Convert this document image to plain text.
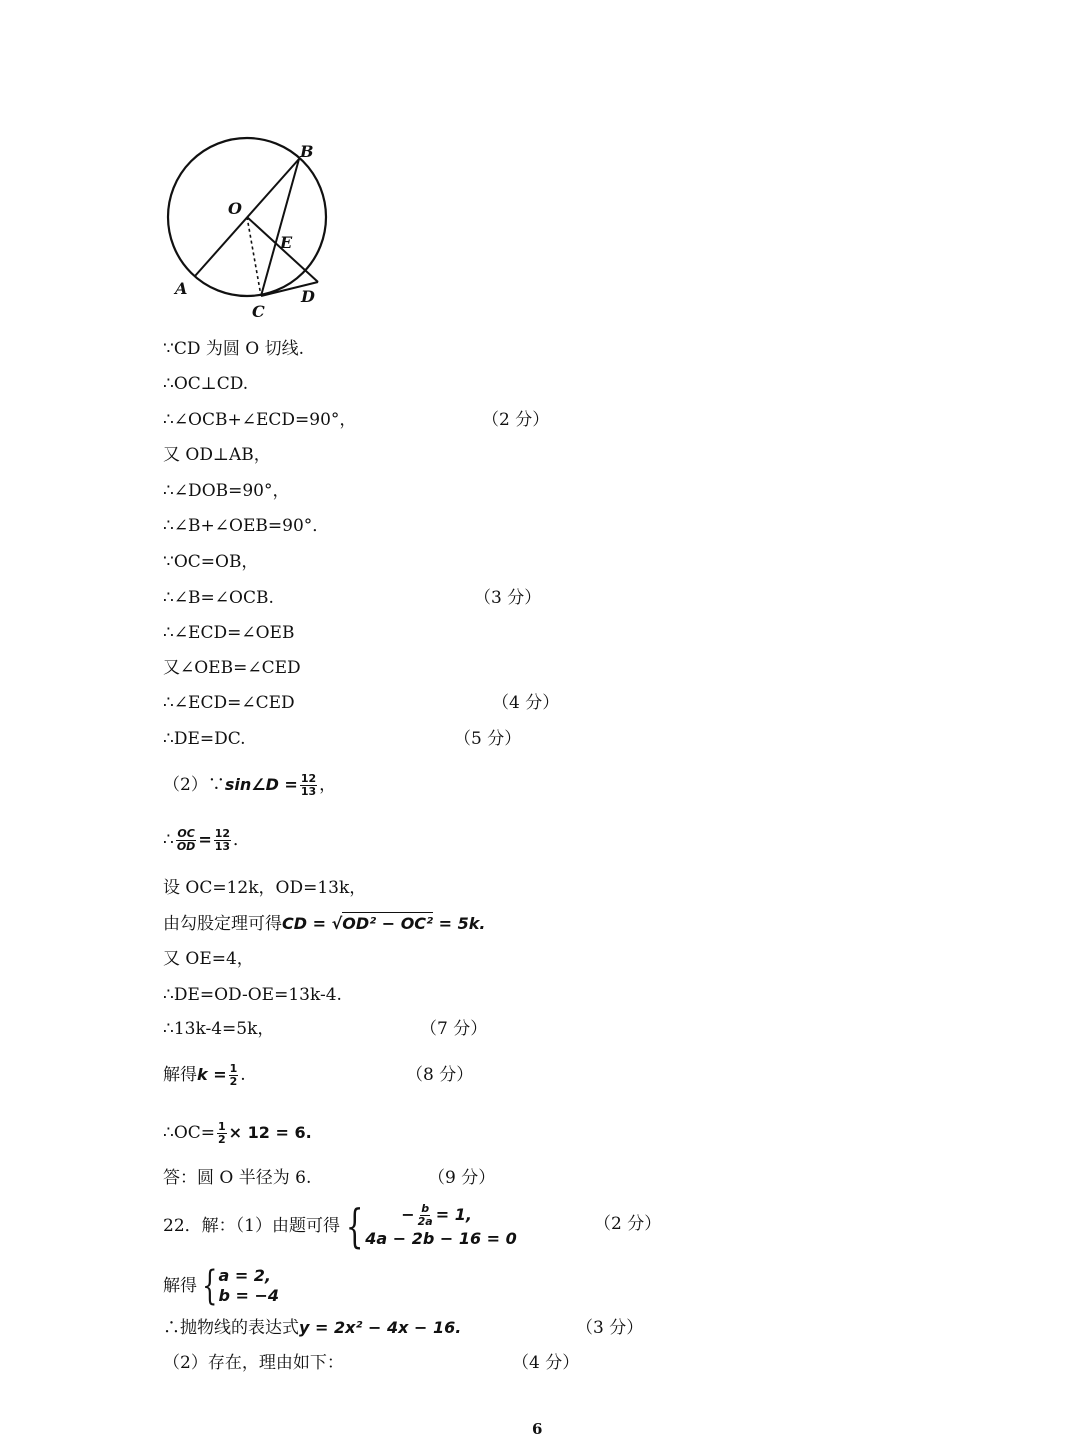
B
O
E
A
C
D
∵CD 为圆 O 切线.
∴OC⊥CD.
∴∠OCB+∠ECD=90°，	（2 分）
又 OD⊥AB，
∴∠DOB=90°，
∴∠B+∠OEB=90°．
∵OC=OB，
∴∠B=∠OCB.	（3 分）
∴∠ECD=∠OEB
又∠OEB=∠CED
∴∠ECD=∠CED	（4 分）
∴DE=DC.	（5 分）
（2）∵sin∠D = $\frac{12}{13}$ ，
∴ $\frac{OC}{OD} = \frac{12}{13}$ ．
设 OC=12k，OD=13k，
由勾股定理可得CD = √OD² − OC² = 5k.
又 OE=4，
∴DE=OD-OE=13k-4.
∴13k-4=5k，	（7 分）
解得$k = \frac{1}{2}$ .	（8 分）
∴OC= $\frac{1}{2} \times 12 = 6$.
答：圆 O 半径为 6.	（9 分）
22．解：（1）由题可得 {	− $\frac{b}{2a} = 1$,
4a − 2b − 16 = 0
（2 分）
解得 { a = 2,
b = −4
∴抛物线的表达式y = 2x² − 4x − 16.	（3 分）
（2）存在，理由如下：	（4 分）
6
